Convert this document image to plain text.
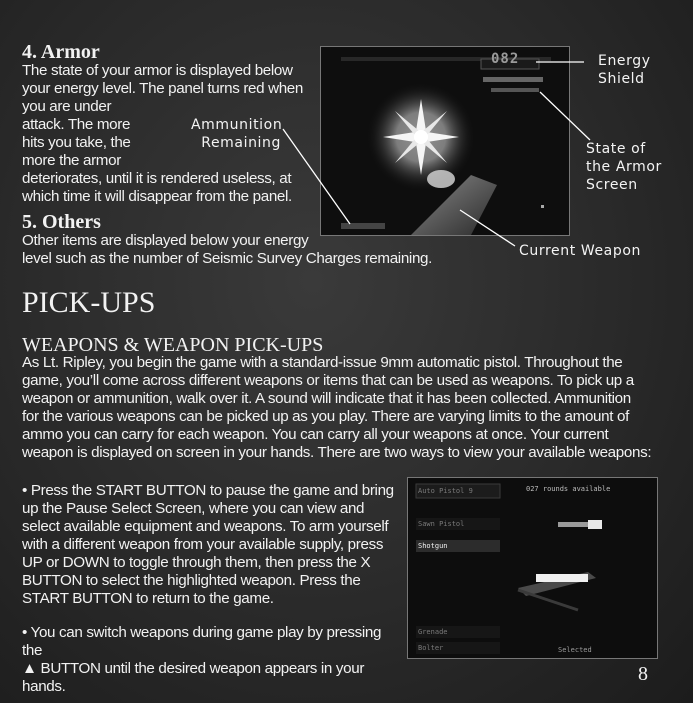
4. Armor
The state of your armor is displayed below
your energy level. The panel turns red when
you are under
attack. The more
hits you take, the
more the armor
deteriorates, until it is rendered useless, at
which time it will disappear from the panel.
5. Others
Other items are displayed below your energy
level such as the number of Seismic Survey Charges remaining.
082
Ammunition
Remaining
Energy
Shield
State of
the Armor
Screen
Current Weapon
PICK-UPS
WEAPONS & WEAPON PICK-UPS
As Lt. Ripley, you begin the game with a standard-issue 9mm automatic pistol. Throughout the
game, you’ll come across different weapons or items that can be used as weapons. To pick up a
weapon or ammunition, walk over it. A sound will indicate that it has been collected. Ammunition
for the various weapons can be picked up as you play. There are varying limits to the amount of
ammo you can carry for each weapon. You can carry all your weapons at once. Your current
weapon is displayed on screen in your hands. There are two ways to view your available weapons:
• Press the START BUTTON to pause the game and bring
up the Pause Select Screen, where you can view and
select available equipment and weapons. To arm yourself
with a different weapon from your available supply, press
UP or DOWN to toggle through them, then press the X
BUTTON to select the highlighted weapon. Press the
START BUTTON to return to the game.
• You can switch weapons during game play by pressing the
▲ BUTTON until the desired weapon appears in your hands.
Auto Pistol 9	027 rounds available
Sawn Pistol
Shotgun
Grenade
Bolter	Selected
8
